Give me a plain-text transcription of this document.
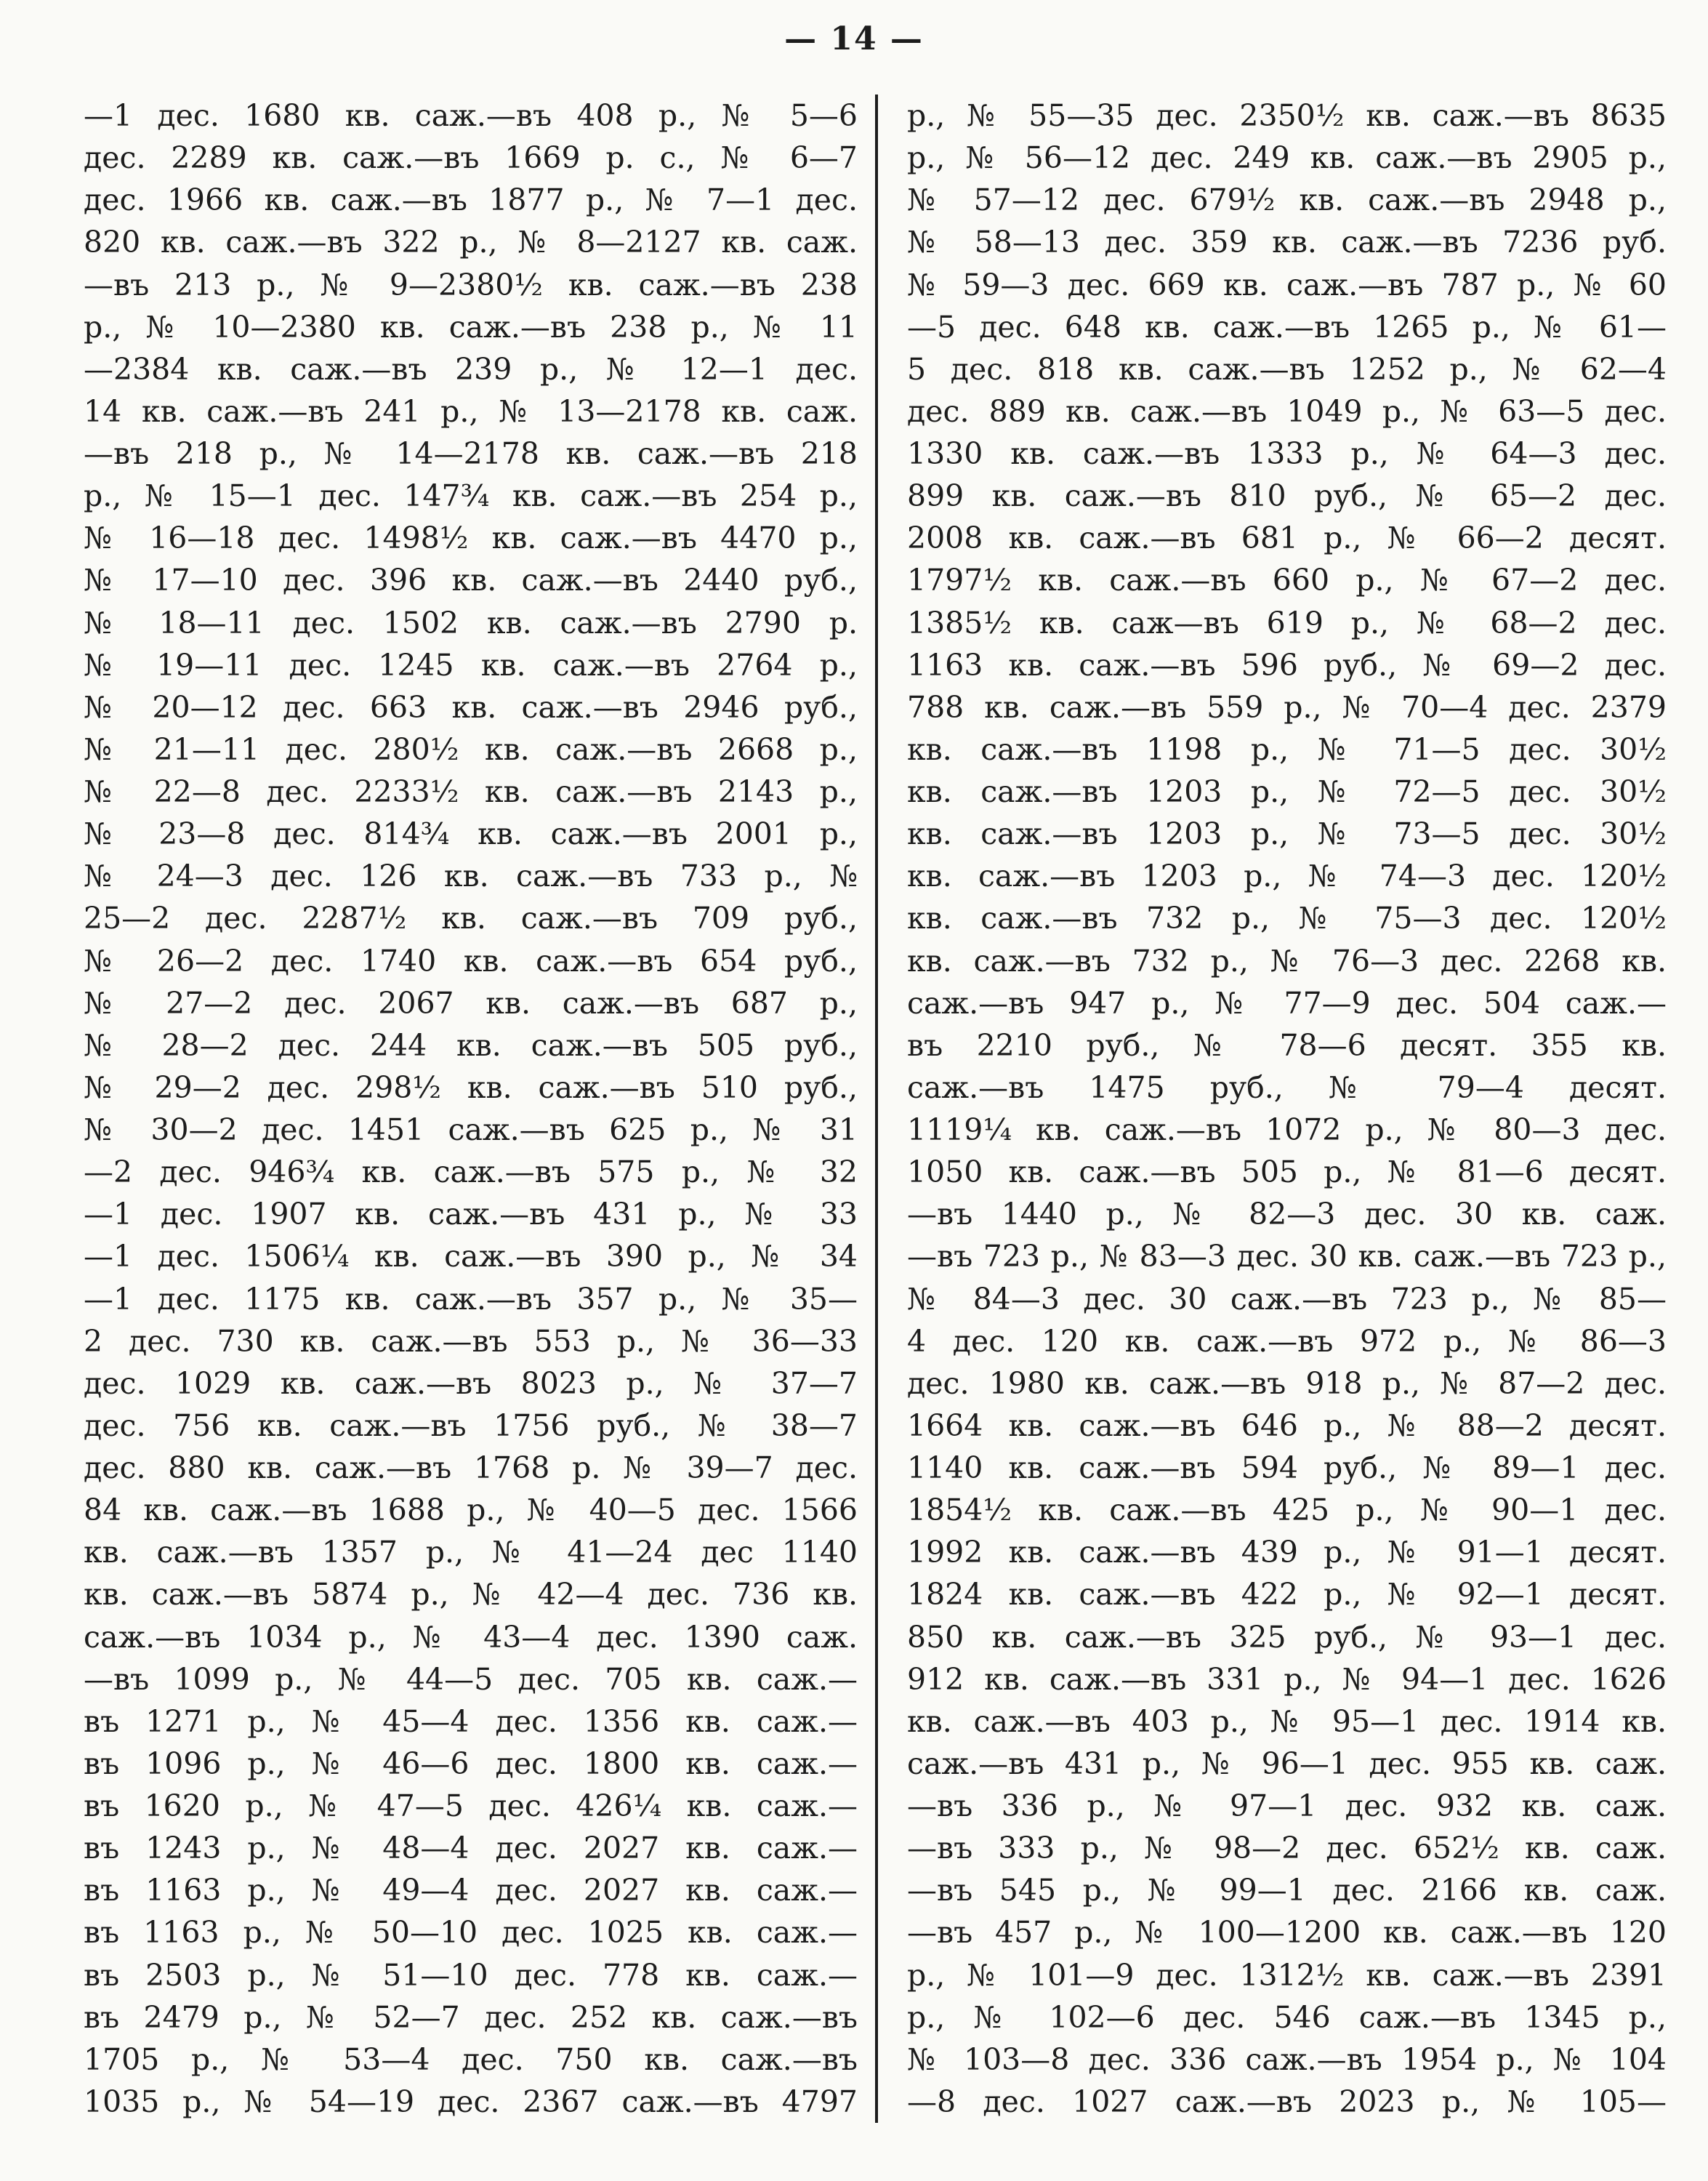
— 14 —
—1 дес. 1680 кв. саж.—въ 408 р., № 5—6
дес. 2289 кв. саж.—въ 1669 р. с., № 6—7
дес. 1966 кв. саж.—въ 1877 р., № 7—1 дес.
820 кв. саж.—въ 322 р., № 8—2127 кв. саж.
—въ 213 р., № 9—2380½ кв. саж.—въ 238
р., № 10—2380 кв. саж.—въ 238 р., № 11
—2384 кв. саж.—въ 239 р., № 12—1 дес.
14 кв. саж.—въ 241 р., № 13—2178 кв. саж.
—въ 218 р., № 14—2178 кв. саж.—въ 218
р., № 15—1 дес. 147¾ кв. саж.—въ 254 р.,
№ 16—18 дес. 1498½ кв. саж.—въ 4470 р.,
№ 17—10 дес. 396 кв. саж.—въ 2440 руб.,
№ 18—11 дес. 1502 кв. саж.—въ 2790 р.
№ 19—11 дес. 1245 кв. саж.—въ 2764 р.,
№ 20—12 дес. 663 кв. саж.—въ 2946 руб.,
№ 21—11 дес. 280½ кв. саж.—въ 2668 р.,
№ 22—8 дес. 2233½ кв. саж.—въ 2143 р.,
№ 23—8 дес. 814¾ кв. саж.—въ 2001 р.,
№ 24—3 дес. 126 кв. саж.—въ 733 р., №
25—2 дес. 2287½ кв. саж.—въ 709 руб.,
№ 26—2 дес. 1740 кв. саж.—въ 654 руб.,
№ 27—2 дес. 2067 кв. саж.—въ 687 р.,
№ 28—2 дес. 244 кв. саж.—въ 505 руб.,
№ 29—2 дес. 298½ кв. саж.—въ 510 руб.,
№ 30—2 дес. 1451 саж.—въ 625 р., № 31
—2 дес. 946¾ кв. саж.—въ 575 р., № 32
—1 дес. 1907 кв. саж.—въ 431 р., № 33
—1 дес. 1506¼ кв. саж.—въ 390 р., № 34
—1 дес. 1175 кв. саж.—въ 357 р., № 35—
2 дес. 730 кв. саж.—въ 553 р., № 36—33
дес. 1029 кв. саж.—въ 8023 р., № 37—7
дес. 756 кв. саж.—въ 1756 руб., № 38—7
дес. 880 кв. саж.—въ 1768 р. № 39—7 дес.
84 кв. саж.—въ 1688 р., № 40—5 дес. 1566
кв. саж.—въ 1357 р., № 41—24 дес 1140
кв. саж.—въ 5874 р., № 42—4 дес. 736 кв.
саж.—въ 1034 р., № 43—4 дес. 1390 саж.
—въ 1099 р., № 44—5 дес. 705 кв. саж.—
въ 1271 р., № 45—4 дес. 1356 кв. саж.—
въ 1096 р., № 46—6 дес. 1800 кв. саж.—
въ 1620 р., № 47—5 дес. 426¼ кв. саж.—
въ 1243 р., № 48—4 дес. 2027 кв. саж.—
въ 1163 р., № 49—4 дес. 2027 кв. саж.—
въ 1163 р., № 50—10 дес. 1025 кв. саж.—
въ 2503 р., № 51—10 дес. 778 кв. саж.—
въ 2479 р., № 52—7 дес. 252 кв. саж.—въ
1705 р., № 53—4 дес. 750 кв. саж.—въ
1035 р., № 54—19 дес. 2367 саж.—въ 4797
р., № 55—35 дес. 2350½ кв. саж.—въ 8635
р., № 56—12 дес. 249 кв. саж.—въ 2905 р.,
№ 57—12 дес. 679½ кв. саж.—въ 2948 р.,
№ 58—13 дес. 359 кв. саж.—въ 7236 руб.
№ 59—3 дес. 669 кв. саж.—въ 787 р., № 60
—5 дес. 648 кв. саж.—въ 1265 р., № 61—
5 дес. 818 кв. саж.—въ 1252 р., № 62—4
дес. 889 кв. саж.—въ 1049 р., № 63—5 дес.
1330 кв. саж.—въ 1333 р., № 64—3 дес.
899 кв. саж.—въ 810 руб., № 65—2 дес.
2008 кв. саж.—въ 681 р., № 66—2 десят.
1797½ кв. саж.—въ 660 р., № 67—2 дес.
1385½ кв. саж—въ 619 р., № 68—2 дес.
1163 кв. саж.—въ 596 руб., № 69—2 дес.
788 кв. саж.—въ 559 р., № 70—4 дес. 2379
кв. саж.—въ 1198 р., № 71—5 дес. 30½
кв. саж.—въ 1203 р., № 72—5 дес. 30½
кв. саж.—въ 1203 р., № 73—5 дес. 30½
кв. саж.—въ 1203 р., № 74—3 дес. 120½
кв. саж.—въ 732 р., № 75—3 дес. 120½
кв. саж.—въ 732 р., № 76—3 дес. 2268 кв.
саж.—въ 947 р., № 77—9 дес. 504 саж.—
въ 2210 руб., № 78—6 десят. 355 кв.
саж.—въ 1475 руб., № 79—4 десят.
1119¼ кв. саж.—въ 1072 р., № 80—3 дес.
1050 кв. саж.—въ 505 р., № 81—6 десят.
—въ 1440 р., № 82—3 дес. 30 кв. саж.
—въ 723 р., № 83—3 дес. 30 кв. саж.—въ 723 р.,
№ 84—3 дес. 30 саж.—въ 723 р., № 85—
4 дес. 120 кв. саж.—въ 972 р., № 86—3
дес. 1980 кв. саж.—въ 918 р., № 87—2 дес.
1664 кв. саж.—въ 646 р., № 88—2 десят.
1140 кв. саж.—въ 594 руб., № 89—1 дес.
1854½ кв. саж.—въ 425 р., № 90—1 дес.
1992 кв. саж.—въ 439 р., № 91—1 десят.
1824 кв. саж.—въ 422 р., № 92—1 десят.
850 кв. саж.—въ 325 руб., № 93—1 дес.
912 кв. саж.—въ 331 р., № 94—1 дес. 1626
кв. саж.—въ 403 р., № 95—1 дес. 1914 кв.
саж.—въ 431 р., № 96—1 дес. 955 кв. саж.
—въ 336 р., № 97—1 дес. 932 кв. саж.
—въ 333 р., № 98—2 дес. 652½ кв. саж.
—въ 545 р., № 99—1 дес. 2166 кв. саж.
—въ 457 р., № 100—1200 кв. саж.—въ 120
р., № 101—9 дес. 1312½ кв. саж.—въ 2391
р., № 102—6 дес. 546 саж.—въ 1345 р.,
№ 103—8 дес. 336 саж.—въ 1954 р., № 104
—8 дес. 1027 саж.—въ 2023 р., № 105—
